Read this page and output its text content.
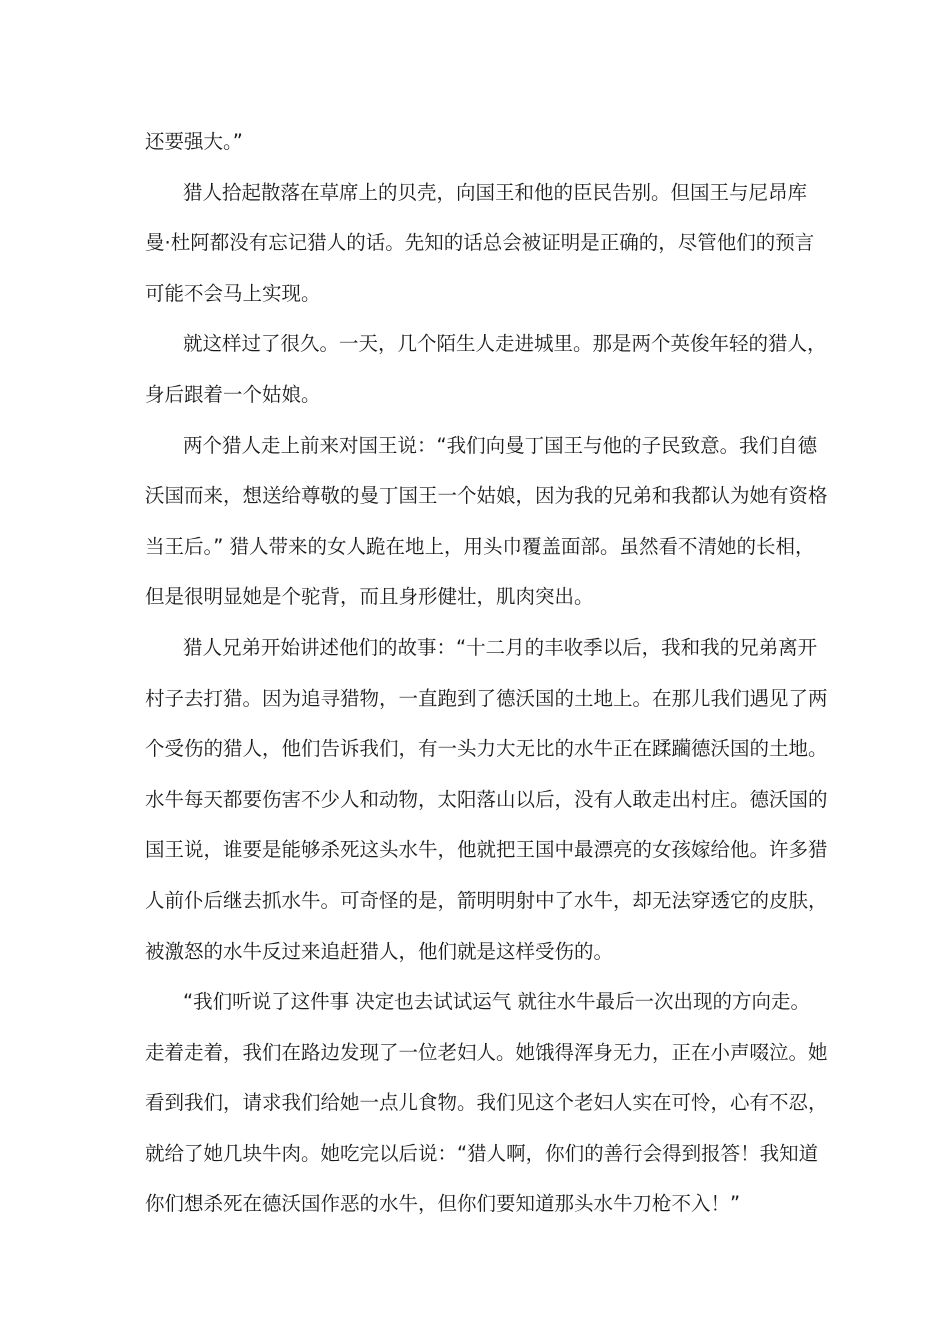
还要强大。”
猎人拾起散落在草席上的贝壳，向国王和他的臣民告别。但国王与尼昂库
曼·杜阿都没有忘记猎人的话。先知的话总会被证明是正确的，尽管他们的预言
可能不会马上实现。
就这样过了很久。一天，几个陌生人走进城里。那是两个英俊年轻的猎人，
身后跟着一个姑娘。
两个猎人走上前来对国王说：“我们向曼丁国王与他的子民致意。我们自德
沃国而来，想送给尊敬的曼丁国王一个姑娘，因为我的兄弟和我都认为她有资格
当王后。” 猎人带来的女人跪在地上，用头巾覆盖面部。虽然看不清她的长相，
但是很明显她是个驼背，而且身形健壮，肌肉突出。
猎人兄弟开始讲述他们的故事：“十二月的丰收季以后，我和我的兄弟离开
村子去打猎。因为追寻猎物，一直跑到了德沃国的土地上。在那儿我们遇见了两
个受伤的猎人，他们告诉我们，有一头力大无比的水牛正在蹂躏德沃国的土地。
水牛每天都要伤害不少人和动物，太阳落山以后，没有人敢走出村庄。德沃国的
国王说，谁要是能够杀死这头水牛，他就把王国中最漂亮的女孩嫁给他。许多猎
人前仆后继去抓水牛。可奇怪的是，箭明明射中了水牛，却无法穿透它的皮肤，
被激怒的水牛反过来追赶猎人，他们就是这样受伤的。
“我们听说了这件事 决定也去试试运气 就往水牛最后一次出现的方向走。
走着走着，我们在路边发现了一位老妇人。她饿得浑身无力，正在小声啜泣。她
看到我们，请求我们给她一点儿食物。我们见这个老妇人实在可怜，心有不忍，
就给了她几块牛肉。她吃完以后说：“猎人啊，你们的善行会得到报答！我知道
你们想杀死在德沃国作恶的水牛，但你们要知道那头水牛刀枪不入！”
